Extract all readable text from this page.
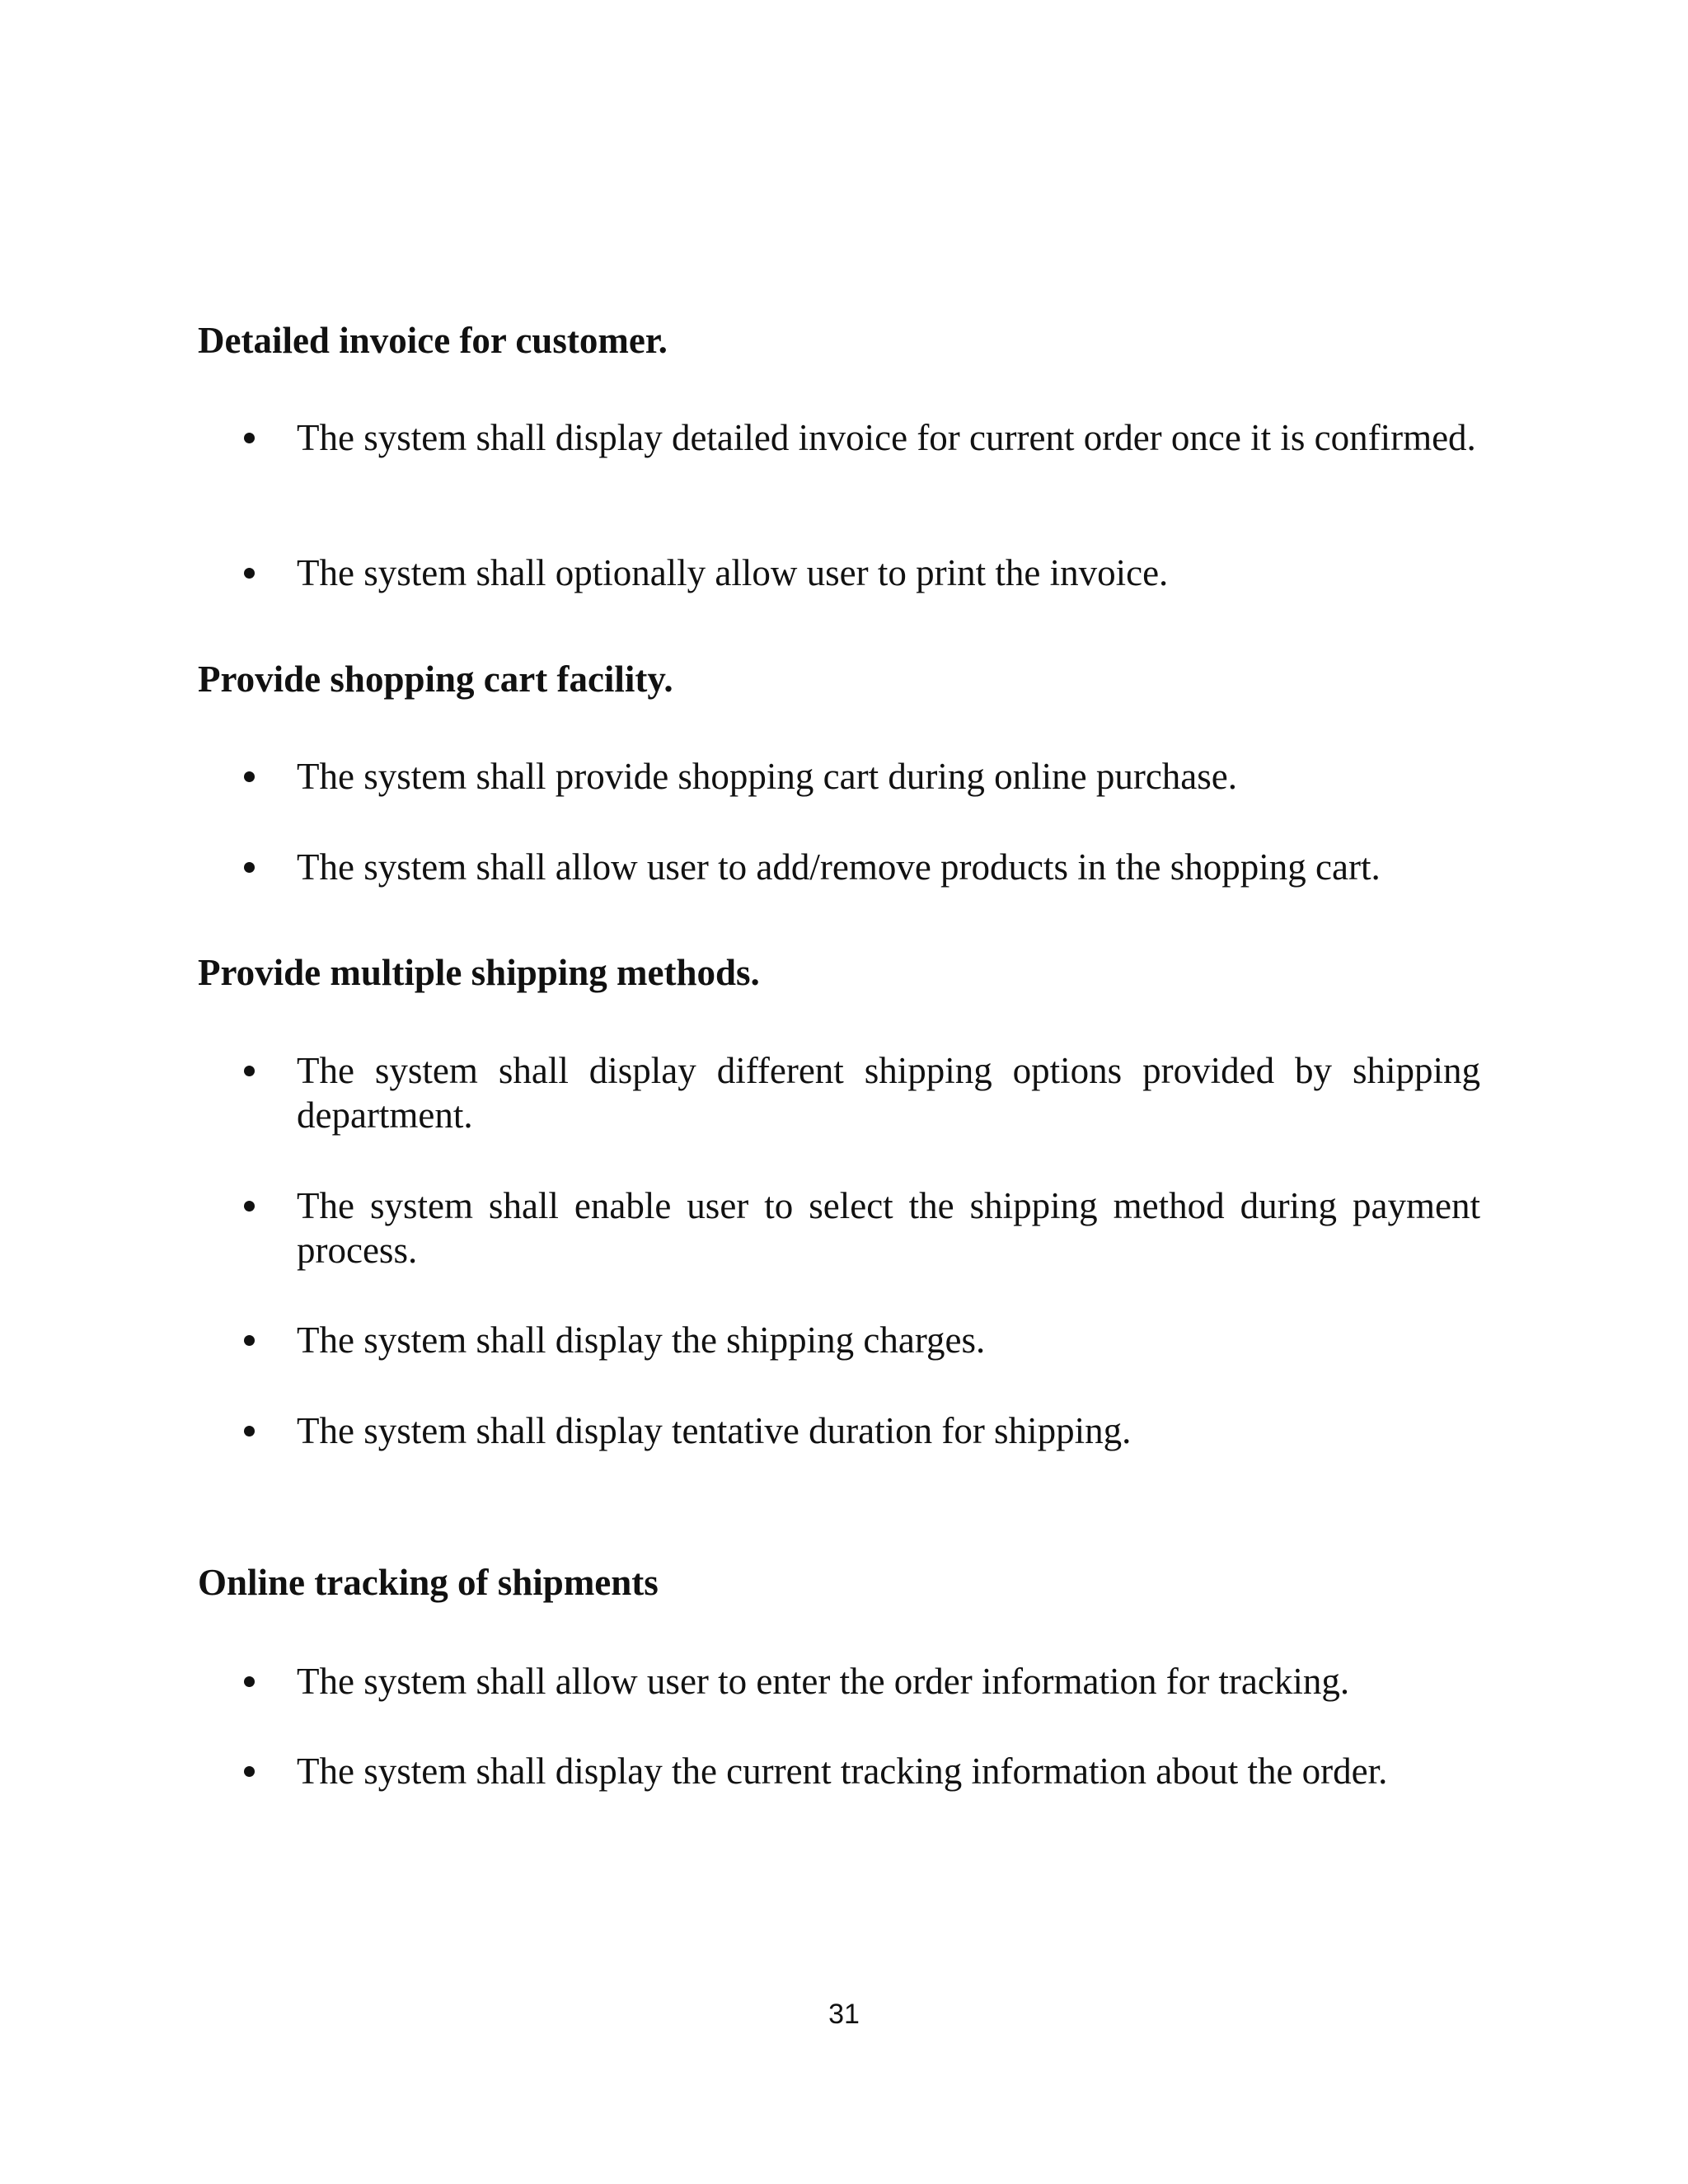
Detailed invoice for customer.

The system shall display detailed invoice for current order once it is confirmed.

The system shall optionally allow user to print the invoice.

Provide shopping cart facility.

The system shall provide shopping cart during online purchase.

The system shall allow user to add/remove products in the shopping cart.

Provide multiple shipping methods.

The system shall display different shipping options provided by shipping department.

The system shall enable user to select the shipping method during payment process.

The system shall display the shipping charges.

The system shall display tentative duration for shipping.

Online tracking of shipments

The system shall allow user to enter the order information for tracking.

The system shall display the current tracking information about the order.

31
